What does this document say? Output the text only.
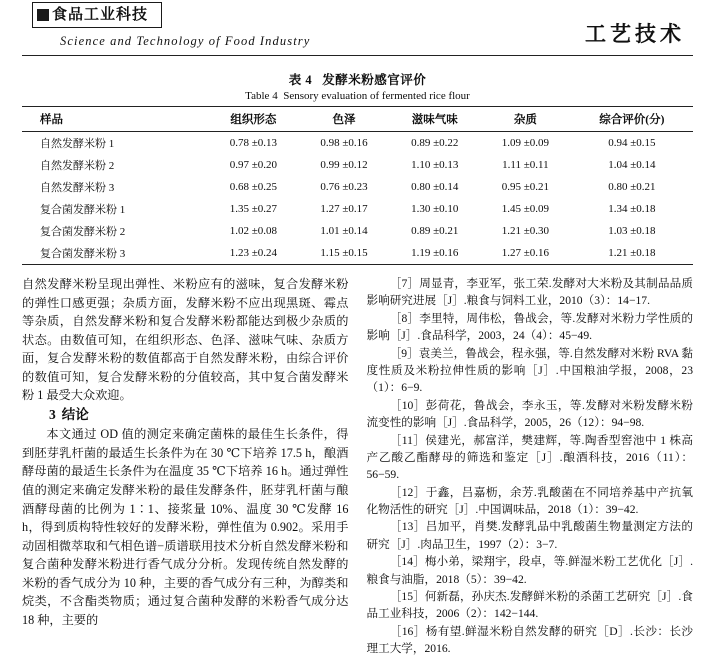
食品工业科技
Science and Technology of Food Industry	工艺技术
表 4 发酵米粉感官评价
Table 4 Sensory evaluation of fermented rice flour
样品	组织形态	色泽	滋味气味	杂质	综合评价(分)
自然发酵米粉 1	0.78 ±0.13	0.98 ±0.16	0.89 ±0.22	1.09 ±0.09	0.94 ±0.15
自然发酵米粉 2	0.97 ±0.20	0.99 ±0.12	1.10 ±0.13	1.11 ±0.11	1.04 ±0.14
自然发酵米粉 3	0.68 ±0.25	0.76 ±0.23	0.80 ±0.14	0.95 ±0.21	0.80 ±0.21
复合菌发酵米粉 1	1.35 ±0.27	1.27 ±0.17	1.30 ±0.10	1.45 ±0.09	1.34 ±0.18
复合菌发酵米粉 2	1.02 ±0.08	1.01 ±0.14	0.89 ±0.21	1.21 ±0.30	1.03 ±0.18
复合菌发酵米粉 3	1.23 ±0.24	1.15 ±0.15	1.19 ±0.16	1.27 ±0.16	1.21 ±0.18

自然发酵米粉呈现出弹性、米粉应有的滋味，复合发酵米粉的弹性口感更强；杂质方面，发酵米粉不应出现黑斑、霉点等杂质，自然发酵米粉和复合发酵米粉都能达到极少杂质的状态。由数值可知，在组织形态、色泽、滋味气味、杂质方面，复合发酵米粉的数值都高于自然发酵米粉，由综合评价的数值可知，复合发酵米粉的分值较高，其中复合菌发酵米粉 1 最受大众欢迎。

3 结论

本文通过 OD 值的测定来确定菌株的最佳生长条件，得到胚芽乳杆菌的最适生长条件为在 30 ℃下培养 17.5 h，酿酒酵母菌的最适生长条件为在温度 35 ℃下培养 16 h。通过弹性值的测定来确定发酵米粉的最佳发酵条件，胚芽乳杆菌与酿酒酵母菌的比例为 1∶1、接浆量 10%、温度 30 ℃发酵 16 h，得到质构特性较好的发酵米粉，弹性值为 0.902。采用手动固相微萃取和气相色谱−质谱联用技术分析自然发酵米粉和复合菌种发酵米粉进行香气成分分析。发现传统自然发酵的米粉的香气成分为 10 种，主要的香气成分有三种，为醇类和烷类，不含酯类物质；通过复合菌种发酵的米粉香气成分达 18 种，主要的

［7］周显青，李亚军，张工荣.发酵对大米粉及其制品品质影响研究进展［J］.粮食与饲料工业，2010（3）：14−17.

［8］李里特，周伟松，鲁战会，等.发酵对米粉力学性质的影响［J］.食品科学，2003，24（4）：45−49.

［9］袁美兰，鲁战会，程永强，等.自然发酵对米粉 RVA 黏度性质及米粉拉伸性质的影响［J］.中国粮油学报，2008，23（1）：6−9.

［10］彭荷花，鲁战会，李永玉，等.发酵对米粉发酵米粉流变性的影响［J］.食品科学，2005，26（12）：94−98.

［11］侯建光，郝富洋，樊建辉，等.陶香型窖池中 1 株高产乙酸乙酯酵母的筛选和鉴定［J］.酿酒科技，2016（11）：56−59.

［12］于鑫，吕嘉枥，余芳.乳酸菌在不同培养基中产抗氧化物活性的研究［J］.中国调味品，2018（1）：39−42.

［13］吕加平，肖樊.发酵乳品中乳酸菌生物量测定方法的研究［J］.肉品卫生，1997（2）：3−7.

［14］梅小弟，梁翔宇，段卓，等.鲜湿米粉工艺优化［J］.粮食与油脂，2018（5）：39−42.

［15］何新磊，孙庆杰.发酵鲜米粉的杀菌工艺研究［J］.食品工业科技，2006（2）：142−144.

［16］杨有望.鲜湿米粉自然发酵的研究［D］.长沙：长沙理工大学，2016.
